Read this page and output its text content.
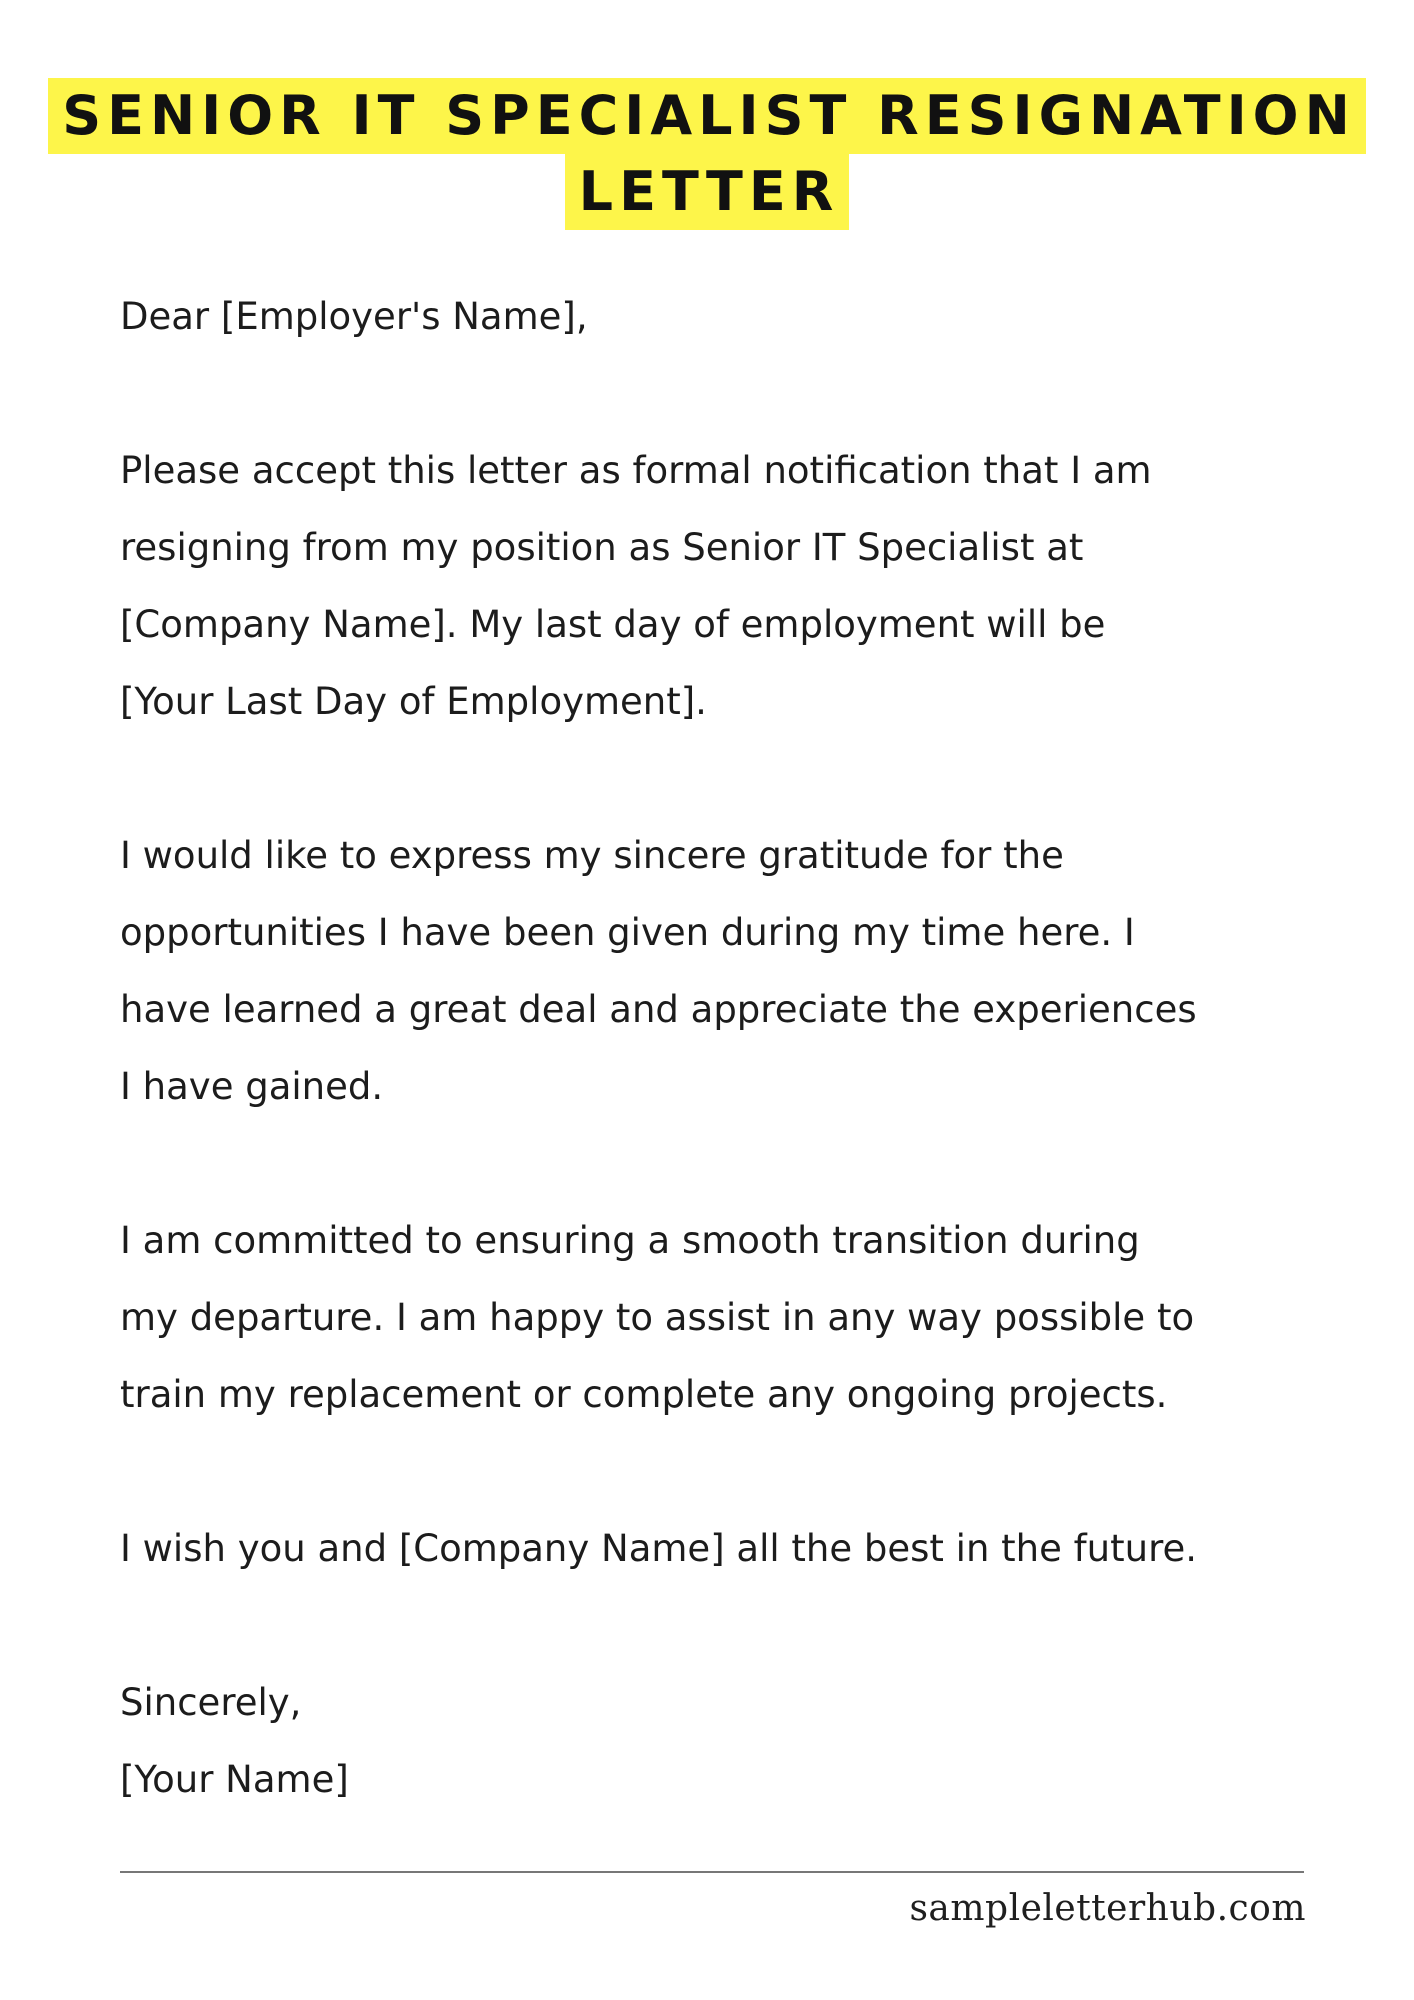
SENIOR IT SPECIALIST RESIGNATION
LETTER

Dear [Employer's Name],

Please accept this letter as formal notification that I am
resigning from my position as Senior IT Specialist at
[Company Name]. My last day of employment will be
[Your Last Day of Employment].

I would like to express my sincere gratitude for the
opportunities I have been given during my time here. I
have learned a great deal and appreciate the experiences
I have gained.

I am committed to ensuring a smooth transition during
my departure. I am happy to assist in any way possible to
train my replacement or complete any ongoing projects.

I wish you and [Company Name] all the best in the future.

Sincerely,
[Your Name]

sampleletterhub.com
